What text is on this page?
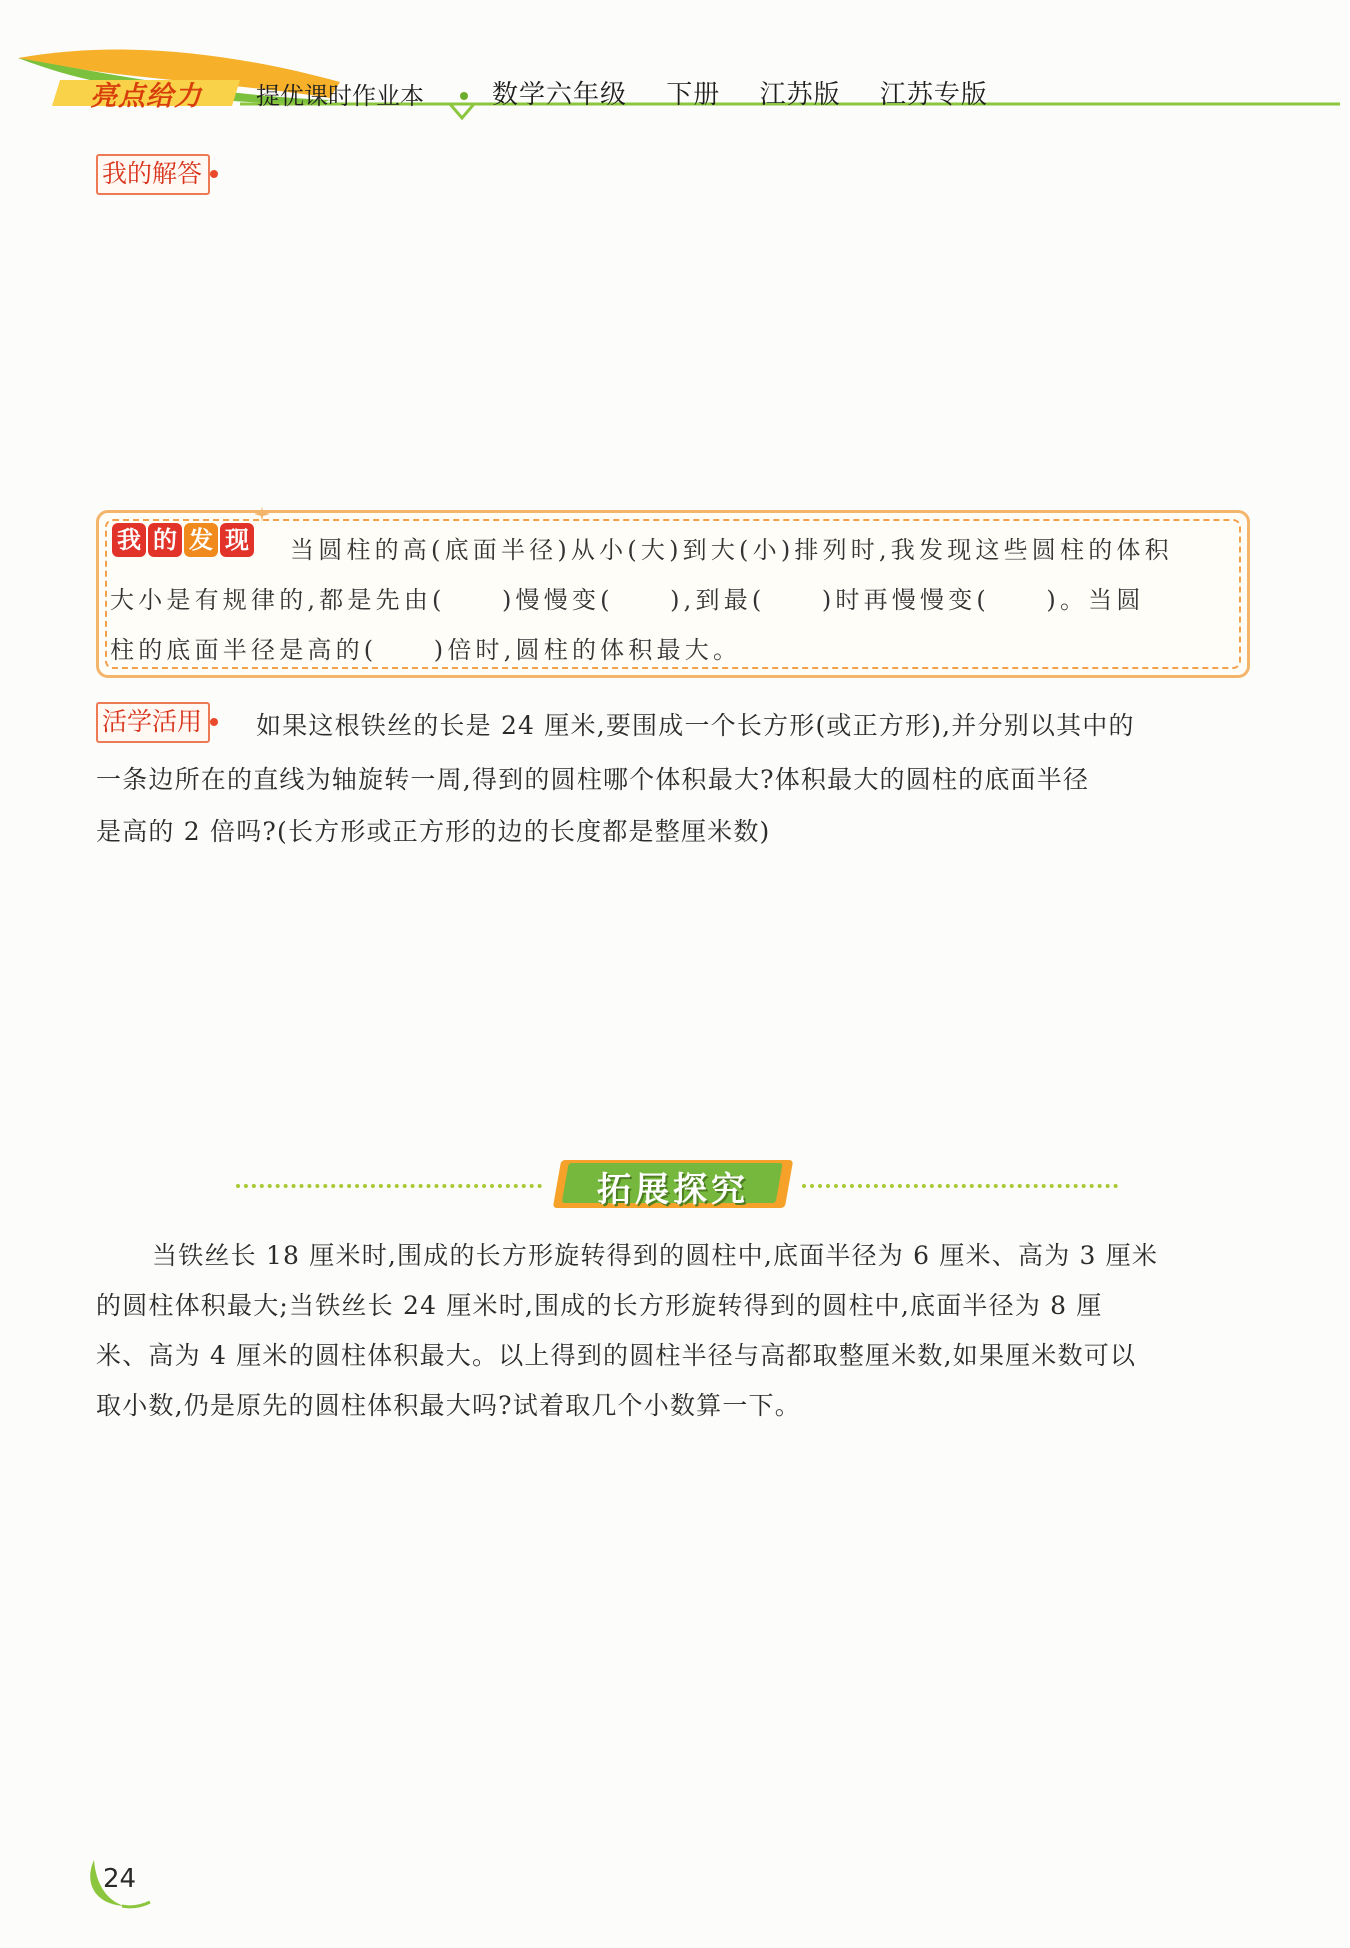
亮点给力 提优课时作业本	数学六年级 下册 江苏版 江苏专版
我的解答
我 的 发 现 当圆柱的高(底面半径)从小(大)到大(小)排列时,我发现这些圆柱的体积
大小是有规律的,都是先由(　　)慢慢变(　　),到最(　　)时再慢慢变(　　)。当圆
柱的底面半径是高的(　　)倍时,圆柱的体积最大。
活学活用	如果这根铁丝的长是 24 厘米,要围成一个长方形(或正方形),并分别以其中的
一条边所在的直线为轴旋转一周,得到的圆柱哪个体积最大?体积最大的圆柱的底面半径
是高的 2 倍吗?(长方形或正方形的边的长度都是整厘米数)
拓展探究
当铁丝长 18 厘米时,围成的长方形旋转得到的圆柱中,底面半径为 6 厘米、高为 3 厘米
的圆柱体积最大;当铁丝长 24 厘米时,围成的长方形旋转得到的圆柱中,底面半径为 8 厘
米、高为 4 厘米的圆柱体积最大。以上得到的圆柱半径与高都取整厘米数,如果厘米数可以
取小数,仍是原先的圆柱体积最大吗?试着取几个小数算一下。
24
